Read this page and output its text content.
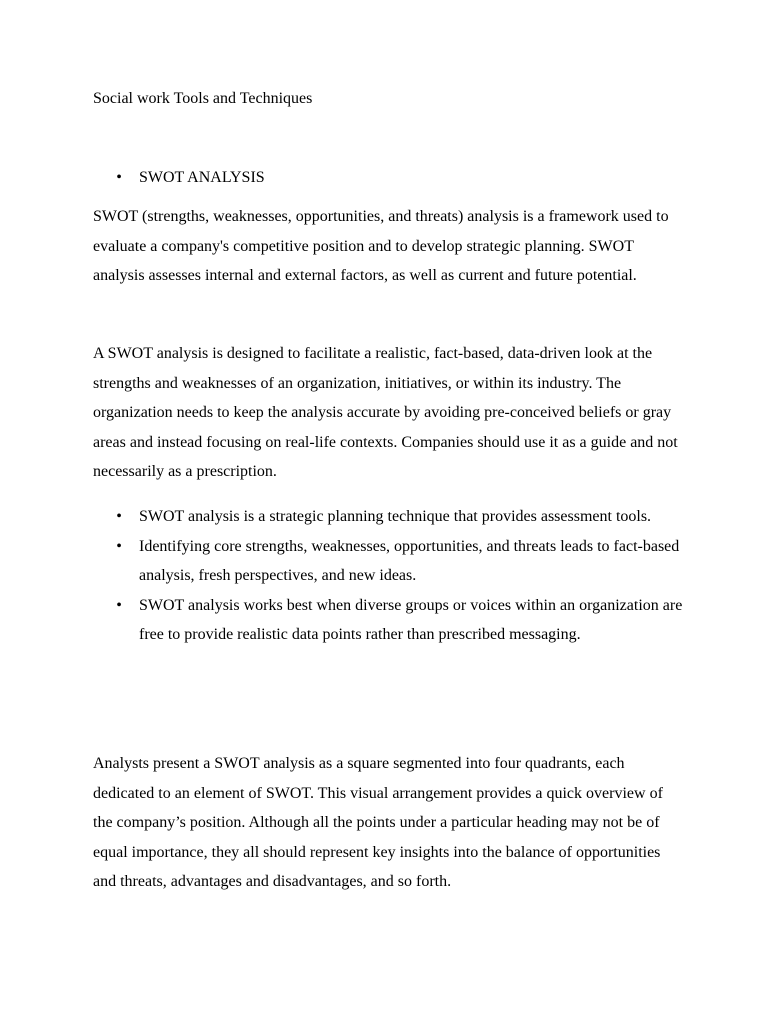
Social work Tools and Techniques
• SWOT ANALYSIS

SWOT (strengths, weaknesses, opportunities, and threats) analysis is a framework used to evaluate a company's competitive position and to develop strategic planning. SWOT analysis assesses internal and external factors, as well as current and future potential.

A SWOT analysis is designed to facilitate a realistic, fact-based, data-driven look at the strengths and weaknesses of an organization, initiatives, or within its industry. The organization needs to keep the analysis accurate by avoiding pre-conceived beliefs or gray areas and instead focusing on real-life contexts. Companies should use it as a guide and not necessarily as a prescription.

• SWOT analysis is a strategic planning technique that provides assessment tools.
• Identifying core strengths, weaknesses, opportunities, and threats leads to fact-based analysis, fresh perspectives, and new ideas.
• SWOT analysis works best when diverse groups or voices within an organization are free to provide realistic data points rather than prescribed messaging.

Analysts present a SWOT analysis as a square segmented into four quadrants, each dedicated to an element of SWOT. This visual arrangement provides a quick overview of the company’s position. Although all the points under a particular heading may not be of equal importance, they all should represent key insights into the balance of opportunities and threats, advantages and disadvantages, and so forth.
